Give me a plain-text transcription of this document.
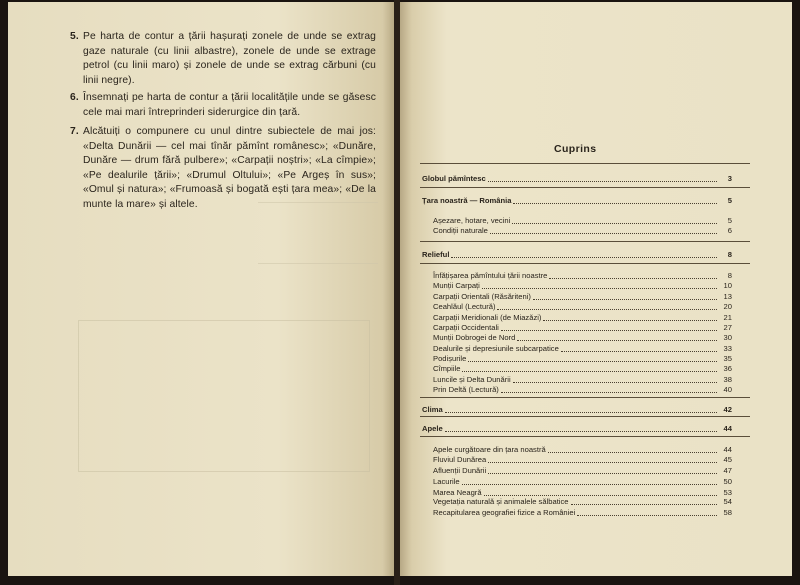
5. Pe harta de contur a țării hașurați zonele de unde se extrag gaze naturale (cu linii albastre), zonele de unde se extrage petrol (cu linii maro) și zonele de unde se extrag cărbuni (cu linii negre).
6. Însemnați pe harta de contur a țării localitățile unde se găsesc cele mai mari întreprinderi siderurgice din țară.
7. Alcătuiți o compunere cu unul dintre subiectele de mai jos: «Delta Dunării — cel mai tînăr pămînt românesc»; «Dunăre, Dunăre — drum fără pulbere»; «Carpații noștri»; «La cîmpie»; «Pe dealurile țării»; «Drumul Oltului»; «Pe Argeș în sus»; «Omul și natura»; «Frumoasă și bogată ești țara mea»; «De la munte la mare» și altele.
Cuprins
Globul pămîntesc	3
Țara noastră — România	5
Așezare, hotare, vecini	5
Condiții naturale	6
Relieful	8
Înfățișarea pămîntului țării noastre	8
Munții Carpați	10
Carpații Orientali (Răsăriteni)	13
Ceahlăul (Lectură)	20
Carpații Meridionali (de Miazăzi)	21
Carpații Occidentali	27
Munții Dobrogei de Nord	30
Dealurile și depresiunile subcarpatice	33
Podișurile	35
Cîmpiile	36
Luncile și Delta Dunării	38
Prin Deltă (Lectură)	40
Clima	42
Apele	44
Apele curgătoare din țara noastră	44
Fluviul Dunărea	45
Afluenții Dunării	47
Lacurile	50
Marea Neagră	53
Vegetația naturală și animalele sălbatice	54
Recapitularea geografiei fizice a României	58
